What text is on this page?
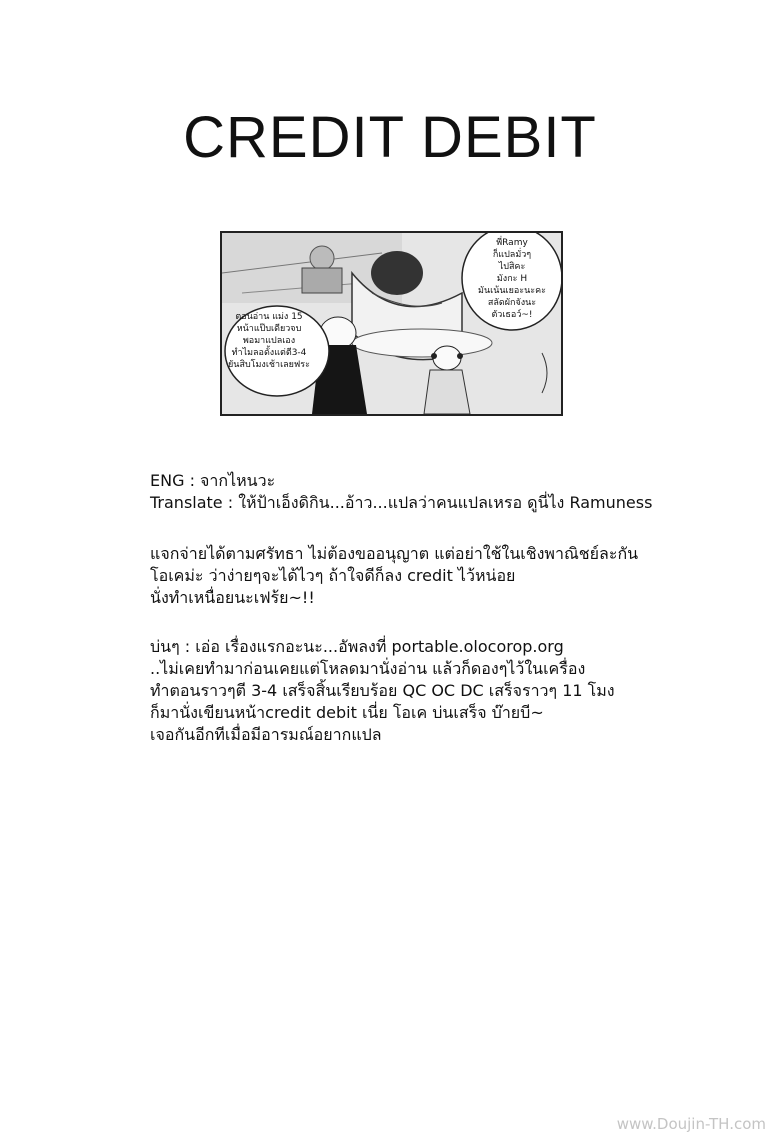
CREDIT DEBIT
พี่Ramy
ก็แปลมั่วๆ
ไปสิคะ
มังกะ H
มันเน้นเยอะนะคะ
สลัดผักจังนะ
ตัวเธอว์~!
ตอนอ่าน แม่ง 15
หน้าแป๊บเดียวจบ
พอมาแปลเอง
ทำไมลอดั้งแต่ตี3-4
ยันสิบโมงเช้าเลยฟระ

ENG : จากไหนวะ

Translate : ให้ป้าเอ็งดิกิน...อ้าว...แปลว่าคนแปลเหรอ ดูนี่ไง Ramuness

แจกจ่ายได้ตามศรัทธา ไม่ต้องขออนุญาต แต่อย่าใช้ในเชิงพาณิชย์ละกัน

โอเคม่ะ ว่าง่ายๆจะได้ไวๆ ถ้าใจดีก็ลง credit ไว้หน่อย

นั่งทำเหนื่อยนะเฟร้ย~!!

บ่นๆ : เอ่อ เรื่องแรกอะนะ...อัพลงที่ portable.olocorop.org

..ไม่เคยทำมาก่อนเคยแต่โหลดมานั่งอ่าน แล้วก็ดองๆไว้ในเครื่อง

ทำตอนราวๆตี 3-4 เสร็จสิ้นเรียบร้อย QC OC DC เสร็จราวๆ 11 โมง

ก็มานั่งเขียนหน้าcredit debit เนี่ย โอเค บ่นเสร็จ บ๊ายบี~

เจอกันอีกทีเมื่อมีอารมณ์อยากแปล

www.Doujin-TH.com
